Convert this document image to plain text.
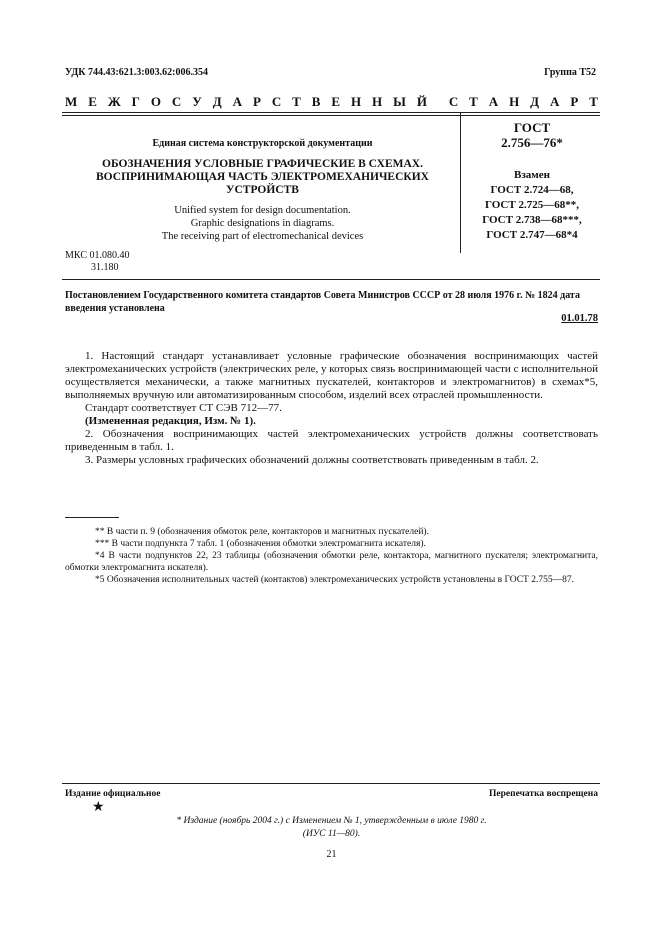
УДК 744.43:621.3:003.62:006.354	Группа Т52
М Е Ж Г О С У Д А Р С Т В Е Н Н Ы Й С Т А Н Д А Р Т
Единая система конструкторской документации
ОБОЗНАЧЕНИЯ УСЛОВНЫЕ ГРАФИЧЕСКИЕ В СХЕМАХ.
ВОСПРИНИМАЮЩАЯ ЧАСТЬ ЭЛЕКТРОМЕХАНИЧЕСКИХ
УСТРОЙСТВ
Unified system for design documentation.
Graphic designations in diagrams.
The receiving part of electromechanical devices
МКС 01.080.40
31.180
ГОСТ
2.756—76*
Взамен
ГОСТ 2.724—68,
ГОСТ 2.725—68**,
ГОСТ 2.738—68***,
ГОСТ 2.747—68*4
Постановлением Государственного комитета стандартов Совета Министров СССР от 28 июля 1976 г. № 1824 дата введения установлена
01.01.78

1. Настоящий стандарт устанавливает условные графические обозначения воспринимающих частей электромеханических устройств (электрических реле, у которых связь воспринимающей части с исполнительной осуществляется механически, а также магнитных пускателей, контакторов и электромагнитов) в схемах*5, выполняемых вручную или автоматизированным способом, изделий всех отраслей промышленности.

Стандарт соответствует СТ СЭВ 712—77.

(Измененная редакция, Изм. № 1).

2. Обозначения воспринимающих частей электромеханических устройств должны соответствовать приведенным в табл. 1.

3. Размеры условных графических обозначений должны соответствовать приведенным в табл. 2.

** В части п. 9 (обозначения обмоток реле, контакторов и магнитных пускателей).

*** В части подпункта 7 табл. 1 (обозначения обмотки электромагнита искателя).

*4 В части подпунктов 22, 23 таблицы (обозначения обмотки реле, контактора, магнитного пускателя; электромагнита, обмотки электромагнита искателя).

*5 Обозначения исполнительных частей (контактов) электромеханических устройств установлены в ГОСТ 2.755—87.

Издание официальное	Перепечатка воспрещена
★
* Издание (ноябрь 2004 г.) с Изменением № 1, утвержденным в июле 1980 г.
(ИУС 11—80).
21
